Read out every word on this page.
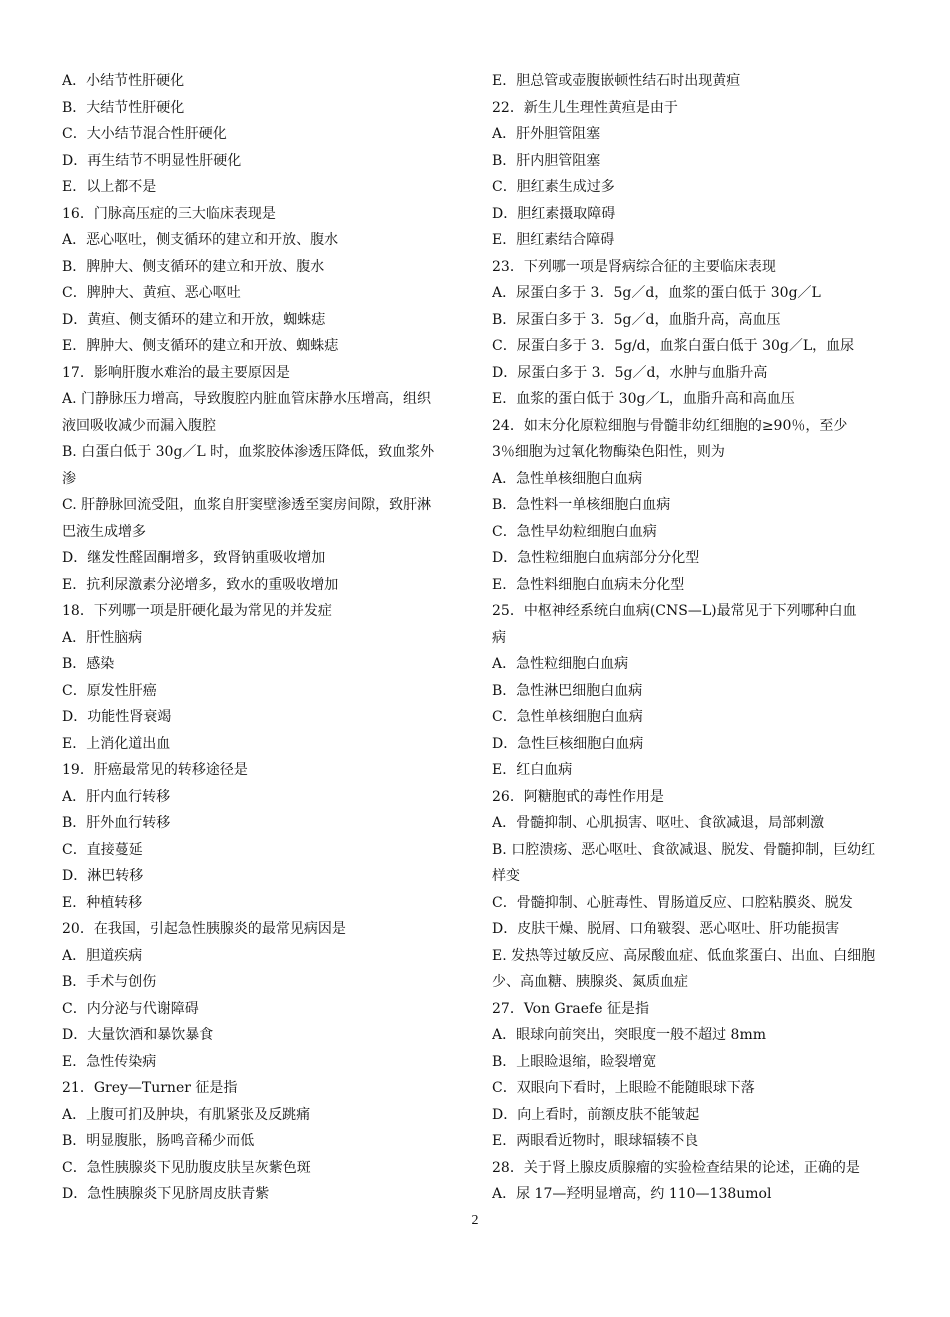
A．小结节性肝硬化
B．大结节性肝硬化
C．大小结节混合性肝硬化
D．再生结节不明显性肝硬化
E．以上都不是
16．门脉高压症的三大临床表现是
A．恶心呕吐，侧支循环的建立和开放、腹水
B．脾肿大、侧支循环的建立和开放、腹水
C．脾肿大、黄疸、恶心呕吐
D．黄疸、侧支循环的建立和开放，蜘蛛痣
E．脾肿大、侧支循环的建立和开放、蜘蛛痣
17．影响肝腹水难治的最主要原因是
A. 门静脉压力增高，导致腹腔内脏血管床静水压增高，组织
液回吸收减少而漏入腹腔
B. 白蛋白低于 30g／L 时，血浆胶体渗透压降低，致血浆外
渗
C. 肝静脉回流受阻，血浆自肝窦壁渗透至窦房间隙，致肝淋
巴液生成增多
D．继发性醛固酮增多，致肾钠重吸收增加
E．抗利尿激素分泌增多，致水的重吸收增加
18．下列哪一项是肝硬化最为常见的并发症
A．肝性脑病
B．感染
C．原发性肝癌
D．功能性肾衰竭
E．上消化道出血
19．肝癌最常见的转移途径是
A．肝内血行转移
B．肝外血行转移
C．直接蔓延
D．淋巴转移
E．种植转移
20．在我国，引起急性胰腺炎的最常见病因是
A．胆道疾病
B．手术与创伤
C．内分泌与代谢障碍
D．大量饮酒和暴饮暴食
E．急性传染病
21．Grey—Turner 征是指
A．上腹可扪及肿块，有肌紧张及反跳痛
B．明显腹胀，肠鸣音稀少而低
C．急性胰腺炎下见肋腹皮肤呈灰紫色斑
D．急性胰腺炎下见脐周皮肤青紫
E．胆总管或壶腹嵌顿性结石时出现黄疸
22．新生儿生理性黄疸是由于
A．肝外胆管阻塞
B．肝内胆管阻塞
C．胆红素生成过多
D．胆红素摄取障碍
E．胆红素结合障碍
23．下列哪一项是肾病综合征的主要临床表现
A．尿蛋白多于 3．5g／d，血浆的蛋白低于 30g／L
B．尿蛋白多于 3．5g／d，血脂升高，高血压
C．尿蛋白多于 3．5g/d，血浆白蛋白低于 30g／L，血尿
D．尿蛋白多于 3．5g／d，水肿与血脂升高
E．血浆的蛋白低于 30g／L，血脂升高和高血压
24．如末分化原粒细胞与骨髓非幼红细胞的≥90％，至少
3％细胞为过氧化物酶染色阳性，则为
A．急性单核细胞白血病
B．急性料一单核细胞白血病
C．急性早幼粒细胞白血病
D．急性粒细胞白血病部分分化型
E．急性料细胞白血病未分化型
25．中枢神经系统白血病(CNS—L)最常见于下列哪种白血
病
A．急性粒细胞白血病
B．急性淋巴细胞白血病
C．急性单核细胞白血病
D．急性巨核细胞白血病
E．红白血病
26．阿糖胞甙的毒性作用是
A．骨髓抑制、心肌损害、呕吐、食欲减退，局部刺激
B. 口腔溃疡、恶心呕吐、食欲减退、脱发、骨髓抑制，巨幼红
样变
C．骨髓抑制、心脏毒性、胃肠道反应、口腔粘膜炎、脱发
D．皮肤干燥、脱屑、口角皲裂、恶心呕吐、肝功能损害
E. 发热等过敏反应、高尿酸血症、低血浆蛋白、出血、白细胞
少、高血糖、胰腺炎、氮质血症
27．Von Graefe 征是指
A．眼球向前突出，突眼度一般不超过 8mm
B．上眼睑退缩，睑裂增宽
C．双眼向下看时，上眼睑不能随眼球下落
D．向上看时，前额皮肤不能皱起
E．两眼看近物时，眼球辐辏不良
28．关于肾上腺皮质腺瘤的实验检查结果的论述，正确的是
A．尿 17—羟明显增高，约 110—138umol
2
